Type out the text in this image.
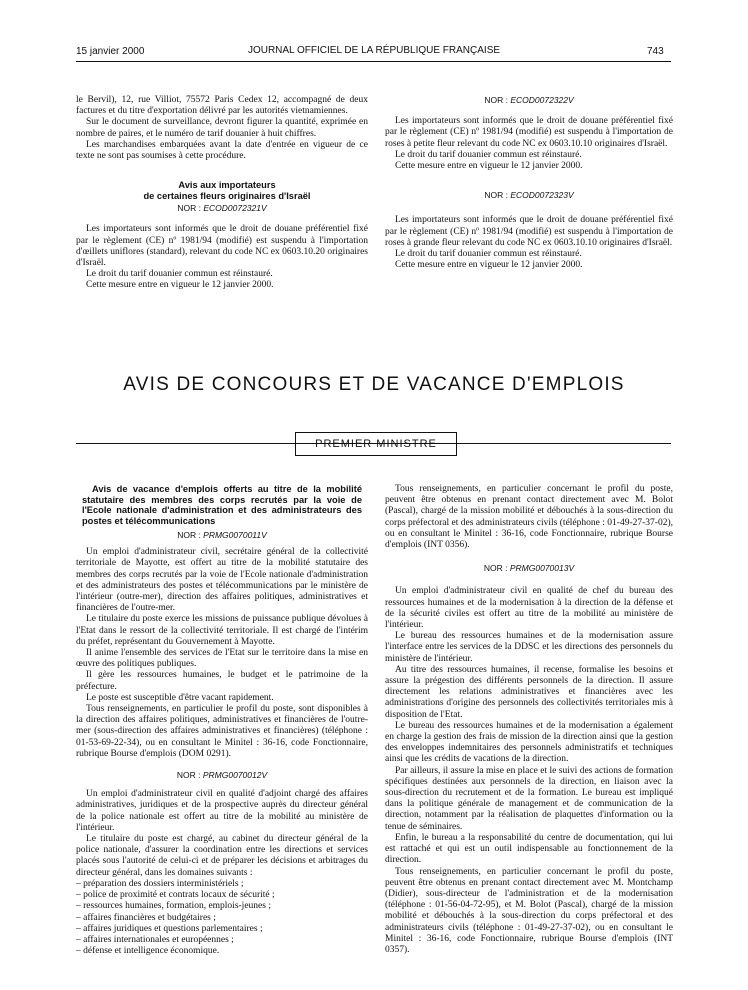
15 janvier 2000	JOURNAL OFFICIEL DE LA RÉPUBLIQUE FRANÇAISE	743

le Bervil), 12, rue Villiot, 75572 Paris Cedex 12, accompagné de deux factures et du titre d'exportation délivré par les autorités vietnamiennes.

Sur le document de surveillance, devront figurer la quantité, exprimée en nombre de paires, et le numéro de tarif douanier à huit chiffres.

Les marchandises embarquées avant la date d'entrée en vigueur de ce texte ne sont pas soumises à cette procédure.

Avis aux importateurs

de certaines fleurs originaires d'Israël

NOR : ECOD0072321V

Les importateurs sont informés que le droit de douane préférentiel fixé par le règlement (CE) nº 1981/94 (modifié) est suspendu à l'importation d'œillets uniflores (standard), relevant du code NC ex 0603.10.20 originaires d'Israël.

Le droit du tarif douanier commun est réinstauré.

Cette mesure entre en vigueur le 12 janvier 2000.

NOR : ECOD0072322V

Les importateurs sont informés que le droit de douane préférentiel fixé par le règlement (CE) nº 1981/94 (modifié) est suspendu à l'importation de roses à petite fleur relevant du code NC ex 0603.10.10 originaires d'Israël.

Le droit du tarif douanier commun est réinstauré.

Cette mesure entre en vigueur le 12 janvier 2000.

NOR : ECOD0072323V

Les importateurs sont informés que le droit de douane préférentiel fixé par le règlement (CE) nº 1981/94 (modifié) est suspendu à l'importation de roses à grande fleur relevant du code NC ex 0603.10.10 originaires d'Israël.

Le droit du tarif douanier commun est réinstauré.

Cette mesure entre en vigueur le 12 janvier 2000.

AVIS DE CONCOURS ET DE VACANCE D'EMPLOIS
PREMIER MINISTRE

Avis de vacance d'emplois offerts au titre de la mobilité statutaire des membres des corps recrutés par la voie de l'Ecole nationale d'administration et des administrateurs des postes et télécommunications

NOR : PRMG0070011V

Un emploi d'administrateur civil, secrétaire général de la collectivité territoriale de Mayotte, est offert au titre de la mobilité statutaire des membres des corps recrutés par la voie de l'Ecole nationale d'administration et des administrateurs des postes et télécommunications par le ministère de l'intérieur (outre-mer), direction des affaires politiques, administratives et financières de l'outre-mer.

Le titulaire du poste exerce les missions de puissance publique dévolues à l'Etat dans le ressort de la collectivité territoriale. Il est chargé de l'intérim du préfet, représentant du Gouvernement à Mayotte.

Il anime l'ensemble des services de l'Etat sur le territoire dans la mise en œuvre des politiques publiques.

Il gère les ressources humaines, le budget et le patrimoine de la préfecture.

Le poste est susceptible d'être vacant rapidement.

Tous renseignements, en particulier le profil du poste, sont disponibles à la direction des affaires politiques, administratives et financières de l'outre-mer (sous-direction des affaires administratives et financières) (téléphone : 01-53-69-22-34), ou en consultant le Minitel : 36-16, code Fonctionnaire, rubrique Bourse d'emplois (DOM 0291).

NOR : PRMG0070012V

Un emploi d'administrateur civil en qualité d'adjoint chargé des affaires administratives, juridiques et de la prospective auprès du directeur général de la police nationale est offert au titre de la mobilité au ministère de l'intérieur.

Le titulaire du poste est chargé, au cabinet du directeur général de la police nationale, d'assurer la coordination entre les directions et services placés sous l'autorité de celui-ci et de préparer les décisions et arbitrages du directeur général, dans les domaines suivants :

– préparation des dossiers interministériels ;
– police de proximité et contrats locaux de sécurité ;
– ressources humaines, formation, emplois-jeunes ;
– affaires financières et budgétaires ;
– affaires juridiques et questions parlementaires ;
– affaires internationales et européennes ;
– défense et intelligence économique.

Tous renseignements, en particulier concernant le profil du poste, peuvent être obtenus en prenant contact directement avec M. Bolot (Pascal), chargé de la mission mobilité et débouchés à la sous-direction du corps préfectoral et des administrateurs civils (téléphone : 01-49-27-37-02), ou en consultant le Minitel : 36-16, code Fonctionnaire, rubrique Bourse d'emplois (INT 0356).

NOR : PRMG0070013V

Un emploi d'administrateur civil en qualité de chef du bureau des ressources humaines et de la modernisation à la direction de la défense et de la sécurité civiles est offert au titre de la mobilité au ministère de l'intérieur.

Le bureau des ressources humaines et de la modernisation assure l'interface entre les services de la DDSC et les directions des personnels du ministère de l'intérieur.

Au titre des ressources humaines, il recense, formalise les besoins et assure la prégestion des différents personnels de la direction. Il assure directement les relations administratives et financières avec les administrations d'origine des personnels des collectivités territoriales mis à disposition de l'Etat.

Le bureau des ressources humaines et de la modernisation a également en charge la gestion des frais de mission de la direction ainsi que la gestion des enveloppes indemnitaires des personnels administratifs et techniques ainsi que les crédits de vacations de la direction.

Par ailleurs, il assure la mise en place et le suivi des actions de formation spécifiques destinées aux personnels de la direction, en liaison avec la sous-direction du recrutement et de la formation. Le bureau est impliqué dans la politique générale de management et de communication de la direction, notamment par la réalisation de plaquettes d'information ou la tenue de séminaires.

Enfin, le bureau a la responsabilité du centre de documentation, qui lui est rattaché et qui est un outil indispensable au fonctionnement de la direction.

Tous renseignements, en particulier concernant le profil du poste, peuvent être obtenus en prenant contact directement avec M. Montchamp (Didier), sous-directeur de l'administration et de la modernisation (téléphone : 01-56-04-72-95), et M. Bolot (Pascal), chargé de la mission mobilité et débouchés à la sous-direction du corps préfectoral et des administrateurs civils (téléphone : 01-49-27-37-02), ou en consultant le Minitel : 36-16, code Fonctionnaire, rubrique Bourse d'emplois (INT 0357).
